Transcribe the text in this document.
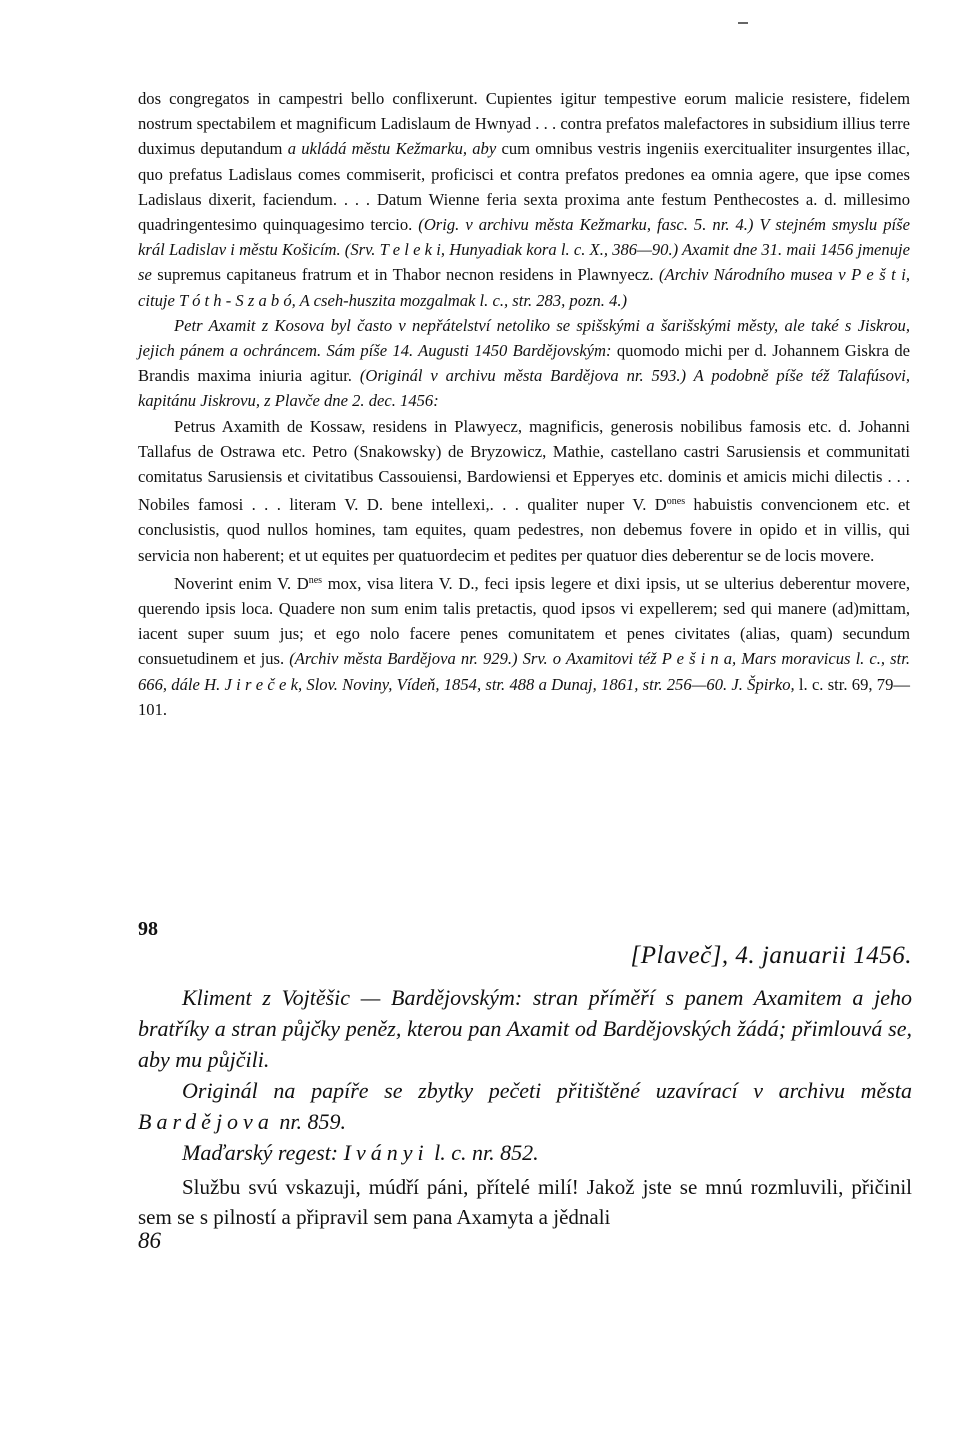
dos congregatos in campestri bello conflixerunt. Cupientes igitur tempestive eorum malicie resistere, fidelem nostrum spectabilem et magnificum Ladislaum de Hwnyad . . . contra prefatos malefactores in subsidium illius terre duximus deputandum a ukládá městu Kežmarku, aby cum omnibus vestris ingeniis exercitualiter insurgentes illac, quo prefatus Ladislaus comes commiserit, proficisci et contra prefatos predones ea omnia agere, que ipse comes Ladislaus dixerit, faciendum. . . . Datum Wienne feria sexta proxima ante festum Penthecostes a. d. millesimo quadringentesimo quinquagesimo tercio. (Orig. v archivu města Kežmarku, fasc. 5. nr. 4.) V stejném smyslu píše král Ladislav i městu Košicím. (Srv. T e l e k i, Hunyadiak kora l. c. X., 386—90.) Axamit dne 31. maii 1456 jmenuje se supremus capitaneus fratrum et in Thabor necnon residens in Plawnyecz. (Archiv Národního musea v P e š t i, cituje T ó t h - S z a b ó, A cseh-huszita mozgalmak l. c., str. 283, pozn. 4.)

Petr Axamit z Kosova byl často v nepřátelství netoliko se spišskými a šarišskými městy, ale také s Jiskrou, jejich pánem a ochráncem. Sám píše 14. Augusti 1450 Bardějovským: quomodo michi per d. Johannem Giskra de Brandis maxima iniuria agitur. (Originál v archivu města Bardějova nr. 593.) A podobně píše též Talafúsovi, kapitánu Jiskrovu, z Plavče dne 2. dec. 1456:

Petrus Axamith de Kossaw, residens in Plawyecz, magnificis, generosis nobilibus famosis etc. d. Johanni Tallafus de Ostrawa etc. Petro (Snakowsky) de Bryzowicz, Mathie, castellano castri Sarusiensis et communitati comitatus Sarusiensis et civitatibus Cassouiensi, Bardowiensi et Epperyes etc. dominis et amicis michi dilectis . . . Nobiles famosi . . . literam V. D. bene intellexi,. . . qualiter nuper V. $D^{ones}$ habuistis convencionem etc. et conclusistis, quod nullos homines, tam equites, quam pedestres, non debemus fovere in opido et in villis, qui servicia non haberent; et ut equites per quatuordecim et pedites per quatuor dies deberentur se de locis movere.

Noverint enim V. $D^{nes}$ mox, visa litera V. D., feci ipsis legere et dixi ipsis, ut se ulterius deberentur movere, querendo ipsis loca. Quadere non sum enim talis pretactis, quod ipsos vi expellerem; sed qui manere (ad)mittam, iacent super suum jus; et ego nolo facere penes comunitatem et penes civitates (alias, quam) secundum consuetudinem et jus. (Archiv města Bardějova nr. 929.) Srv. o Axamitovi též P e š i n a, Mars moravicus l. c., str. 666, dále H. J i r e č e k, Slov. Noviny, Vídeň, 1854, str. 488 a Dunaj, 1861, str. 256—60. J. Špirko, l. c. str. 69, 79—101.

98
[Plaveč], 4. januarii 1456.

Kliment z Vojtěšic — Bardějovským: stran příměří s panem Axamitem a jeho bratříky a stran půjčky peněz, kterou pan Axamit od Bardějovských žádá; přimlouvá se, aby mu půjčili.

Originál na papíře se zbytky pečeti přitištěné uzavírací v archivu města Bardějova nr. 859.

Maďarský regest: Iványi l. c. nr. 852.

Službu svú vskazuji, múdří páni, přítelé milí! Jakož jste se mnú rozmluvili, přičinil sem se s pilností a připravil sem pana Axamyta a jědnali

86
